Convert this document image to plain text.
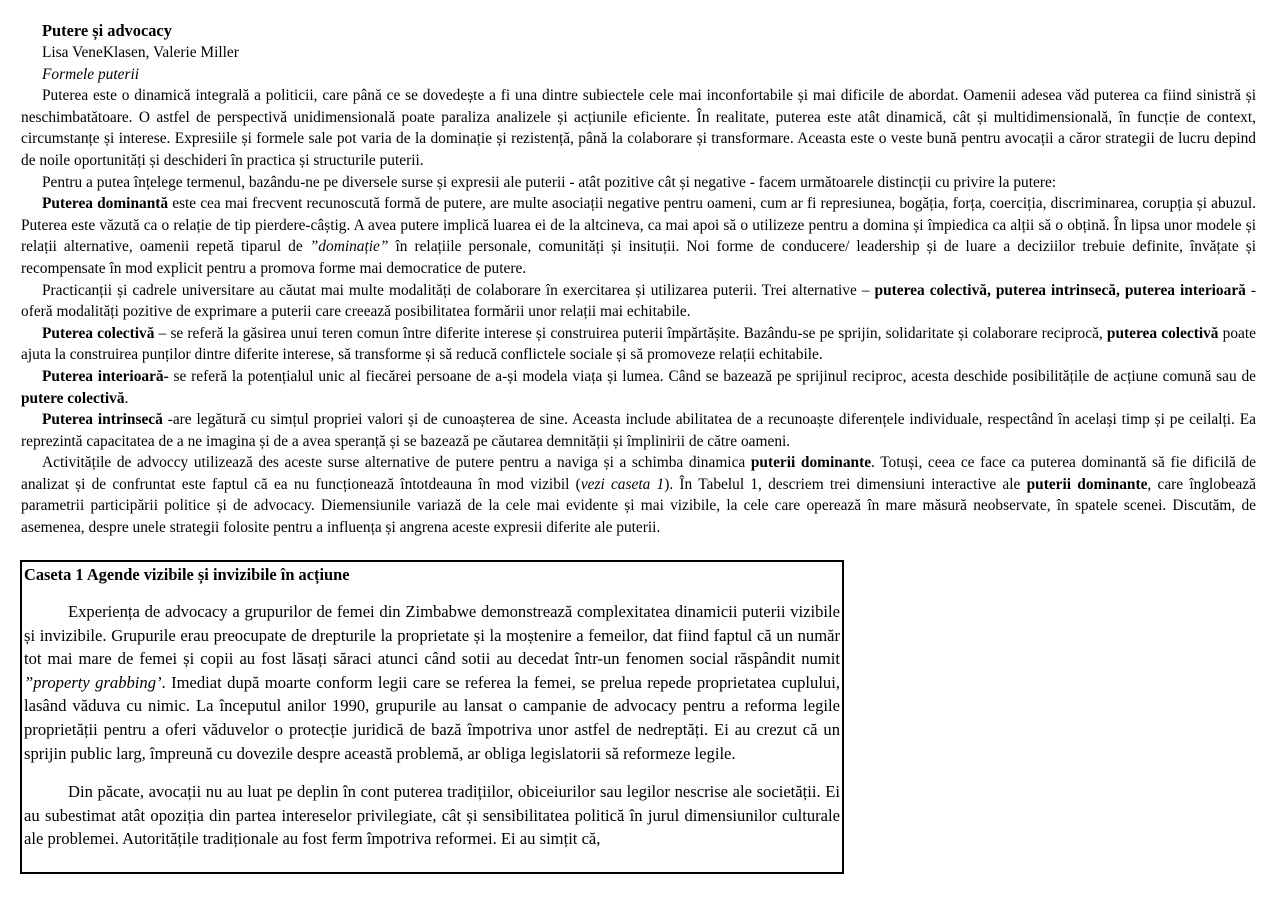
Putere și advocacy

Lisa VeneKlasen, Valerie Miller

Formele puterii

Puterea este o dinamică integrală a politicii, care până ce se dovedește a fi una dintre subiectele cele mai inconfortabile și mai dificile de abordat. Oamenii adesea văd puterea ca fiind sinistră și neschimbatătoare. O astfel de perspectivă unidimensională poate paraliza analizele și acțiunile eficiente. În realitate, puterea este atât dinamică, cât și multidimensională, în funcție de context, circumstanțe și interese. Expresiile și formele sale pot varia de la dominație și rezistență, până la colaborare și transformare. Aceasta este o veste bună pentru avocații a căror strategii de lucru depind de noile oportunități și deschideri în practica și structurile puterii.

Pentru a putea înțelege termenul, bazându-ne pe diversele surse și expresii ale puterii - atât pozitive cât și negative - facem următoarele distincții cu privire la putere:

Puterea dominantă este cea mai frecvent recunoscută formă de putere, are multe asociații negative pentru oameni, cum ar fi represiunea, bogăția, forța, coerciția, discriminarea, corupția și abuzul. Puterea este văzută ca o relație de tip pierdere-câștig. A avea putere implică luarea ei de la altcineva, ca mai apoi să o utilizeze pentru a domina și împiedica ca alții să o obțină. În lipsa unor modele și relații alternative, oamenii repetă tiparul de ”dominație” în relațiile personale, comunități și insituții. Noi forme de conducere/ leadership și de luare a deciziilor trebuie definite, învățate și recompensate în mod explicit pentru a promova forme mai democratice de putere.

Practicanții și cadrele universitare au căutat mai multe modalități de colaborare în exercitarea și utilizarea puterii. Trei alternative – puterea colectivă, puterea intrinsecă, puterea interioară - oferă modalități pozitive de exprimare a puterii care creează posibilitatea formării unor relații mai echitabile.

Puterea colectivă – se referă la găsirea unui teren comun între diferite interese și construirea puterii împărtășite. Bazându-se pe sprijin, solidaritate și colaborare reciprocă, puterea colectivă poate ajuta la construirea punților dintre diferite interese, să transforme și să reducă conflictele sociale și să promoveze relații echitabile.

Puterea interioară- se referă la potențialul unic al fiecărei persoane de a-și modela viața și lumea. Când se bazează pe sprijinul reciproc, acesta deschide posibilitățile de acțiune comună sau de putere colectivă.

Puterea intrinsecă -are legătură cu simțul propriei valori și de cunoașterea de sine. Aceasta include abilitatea de a recunoaște diferențele individuale, respectând în același timp și pe ceilalți. Ea reprezintă capacitatea de a ne imagina și de a avea speranță și se bazează pe căutarea demnității și împlinirii de către oameni.

Activitățile de advoccy utilizează des aceste surse alternative de putere pentru a naviga și a schimba dinamica puterii dominante. Totuși, ceea ce face ca puterea dominantă să fie dificilă de analizat și de confruntat este faptul că ea nu funcționează întotdeauna în mod vizibil (vezi caseta 1). În Tabelul 1, descriem trei dimensiuni interactive ale puterii dominante, care înglobează parametrii participării politice și de advocacy. Diemensiunile variază de la cele mai evidente și mai vizibile, la cele care operează în mare măsură neobservate, în spatele scenei. Discutăm, de asemenea, despre unele strategii folosite pentru a influența și angrena aceste expresii diferite ale puterii.

Caseta 1 Agende vizibile și invizibile în acțiune

Experiența de advocacy a grupurilor de femei din Zimbabwe demonstrează complexitatea dinamicii puterii vizibile și invizibile. Grupurile erau preocupate de drepturile la proprietate și la moștenire a femeilor, dat fiind faptul că un număr tot mai mare de femei și copii au fost lăsați săraci atunci când sotii au decedat într-un fenomen social răspândit numit ”property grabbing’. Imediat după moarte conform legii care se referea la femei, se prelua repede proprietatea cuplului, lasând văduva cu nimic. La începutul anilor 1990, grupurile au lansat o campanie de advocacy pentru a reforma legile proprietății pentru a oferi văduvelor o protecție juridică de bază împotriva unor astfel de nedreptăți. Ei au crezut că un sprijin public larg, împreună cu dovezile despre această problemă, ar obliga legislatorii să reformeze legile.

Din păcate, avocații nu au luat pe deplin în cont puterea tradițiilor, obiceiurilor sau legilor nescrise ale societății. Ei au subestimat atât opoziția din partea intereselor privilegiate, cât și sensibilitatea politică în jurul dimensiunilor culturale ale problemei. Autoritățile tradiționale au fost ferm împotriva reformei. Ei au simțit că,
